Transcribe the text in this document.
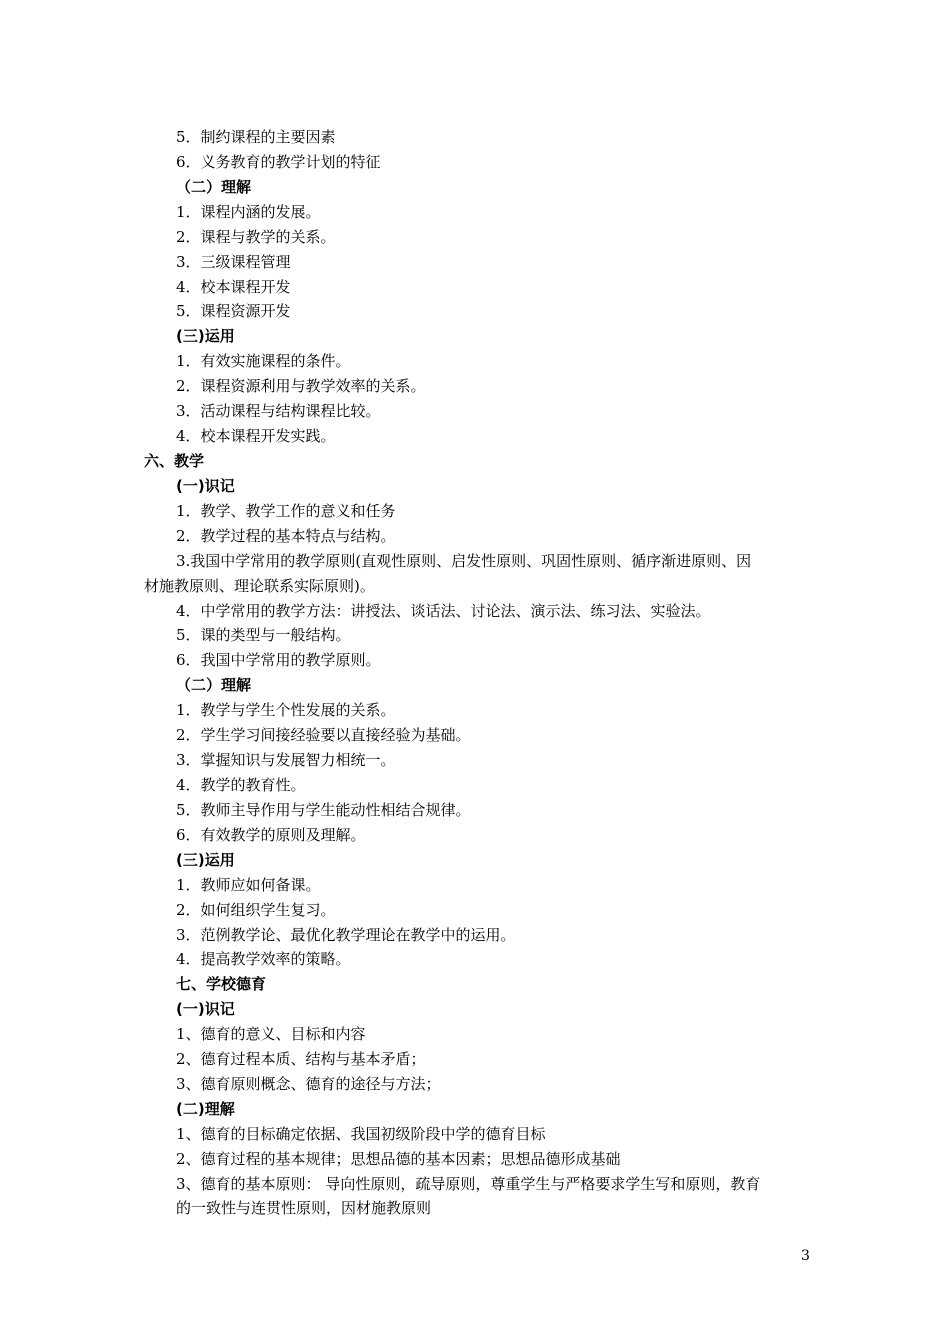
5．制约课程的主要因素
6．义务教育的教学计划的特征
（二）理解
1．课程内涵的发展。
2．课程与教学的关系。
3．三级课程管理
4．校本课程开发
5．课程资源开发
(三)运用
1．有效实施课程的条件。
2．课程资源利用与教学效率的关系。
3．活动课程与结构课程比较。
4．校本课程开发实践。
六、教学
(一)识记
1．教学、教学工作的意义和任务
2．教学过程的基本特点与结构。
3.我国中学常用的教学原则(直观性原则、启发性原则、巩固性原则、循序渐进原则、因
材施教原则、理论联系实际原则)。
4．中学常用的教学方法：讲授法、谈话法、讨论法、演示法、练习法、实验法。
5．课的类型与一般结构。
6．我国中学常用的教学原则。
（二）理解
1．教学与学生个性发展的关系。
2．学生学习间接经验要以直接经验为基础。
3．掌握知识与发展智力相统一。
4．教学的教育性。
5．教师主导作用与学生能动性相结合规律。
6．有效教学的原则及理解。
(三)运用
1．教师应如何备课。
2．如何组织学生复习。
3．范例教学论、最优化教学理论在教学中的运用。
4．提高教学效率的策略。
七、学校德育
(一)识记
1、德育的意义、目标和内容
2、德育过程本质、结构与基本矛盾；
3、德育原则概念、德育的途径与方法；
(二)理解
1、德育的目标确定依据、我国初级阶段中学的德育目标
2、德育过程的基本规律；思想品德的基本因素；思想品德形成基础
3、德育的基本原则： 导向性原则，疏导原则，尊重学生与严格要求学生写和原则，教育
的一致性与连贯性原则，因材施教原则
3
